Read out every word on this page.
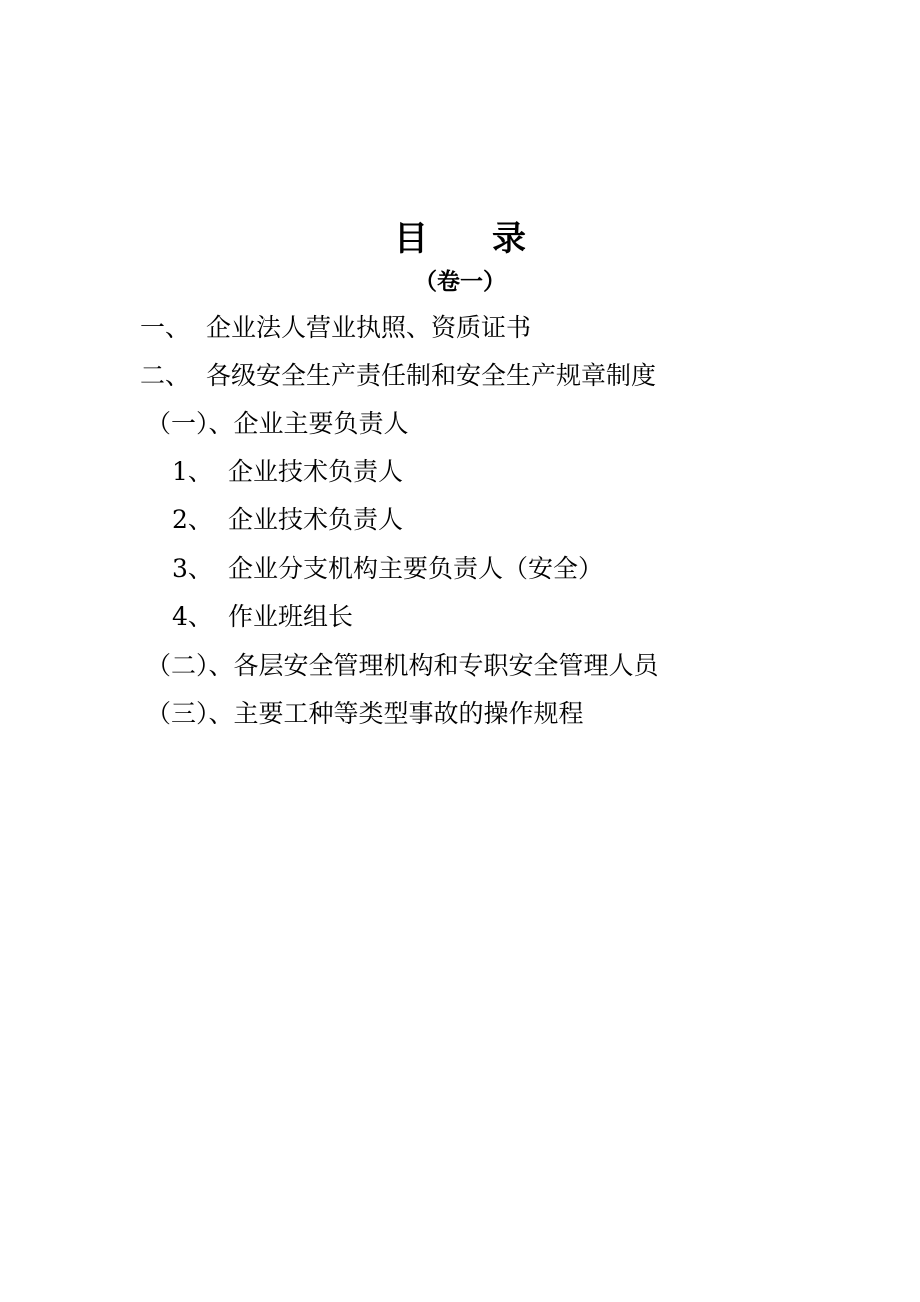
目 录
（卷一）
一、 企业法人营业执照、资质证书
二、 各级安全生产责任制和安全生产规章制度
（一）、企业主要负责人
1、 企业技术负责人
2、 企业技术负责人
3、 企业分支机构主要负责人（安全）
4、 作业班组长
（二）、各层安全管理机构和专职安全管理人员
（三）、主要工种等类型事故的操作规程
